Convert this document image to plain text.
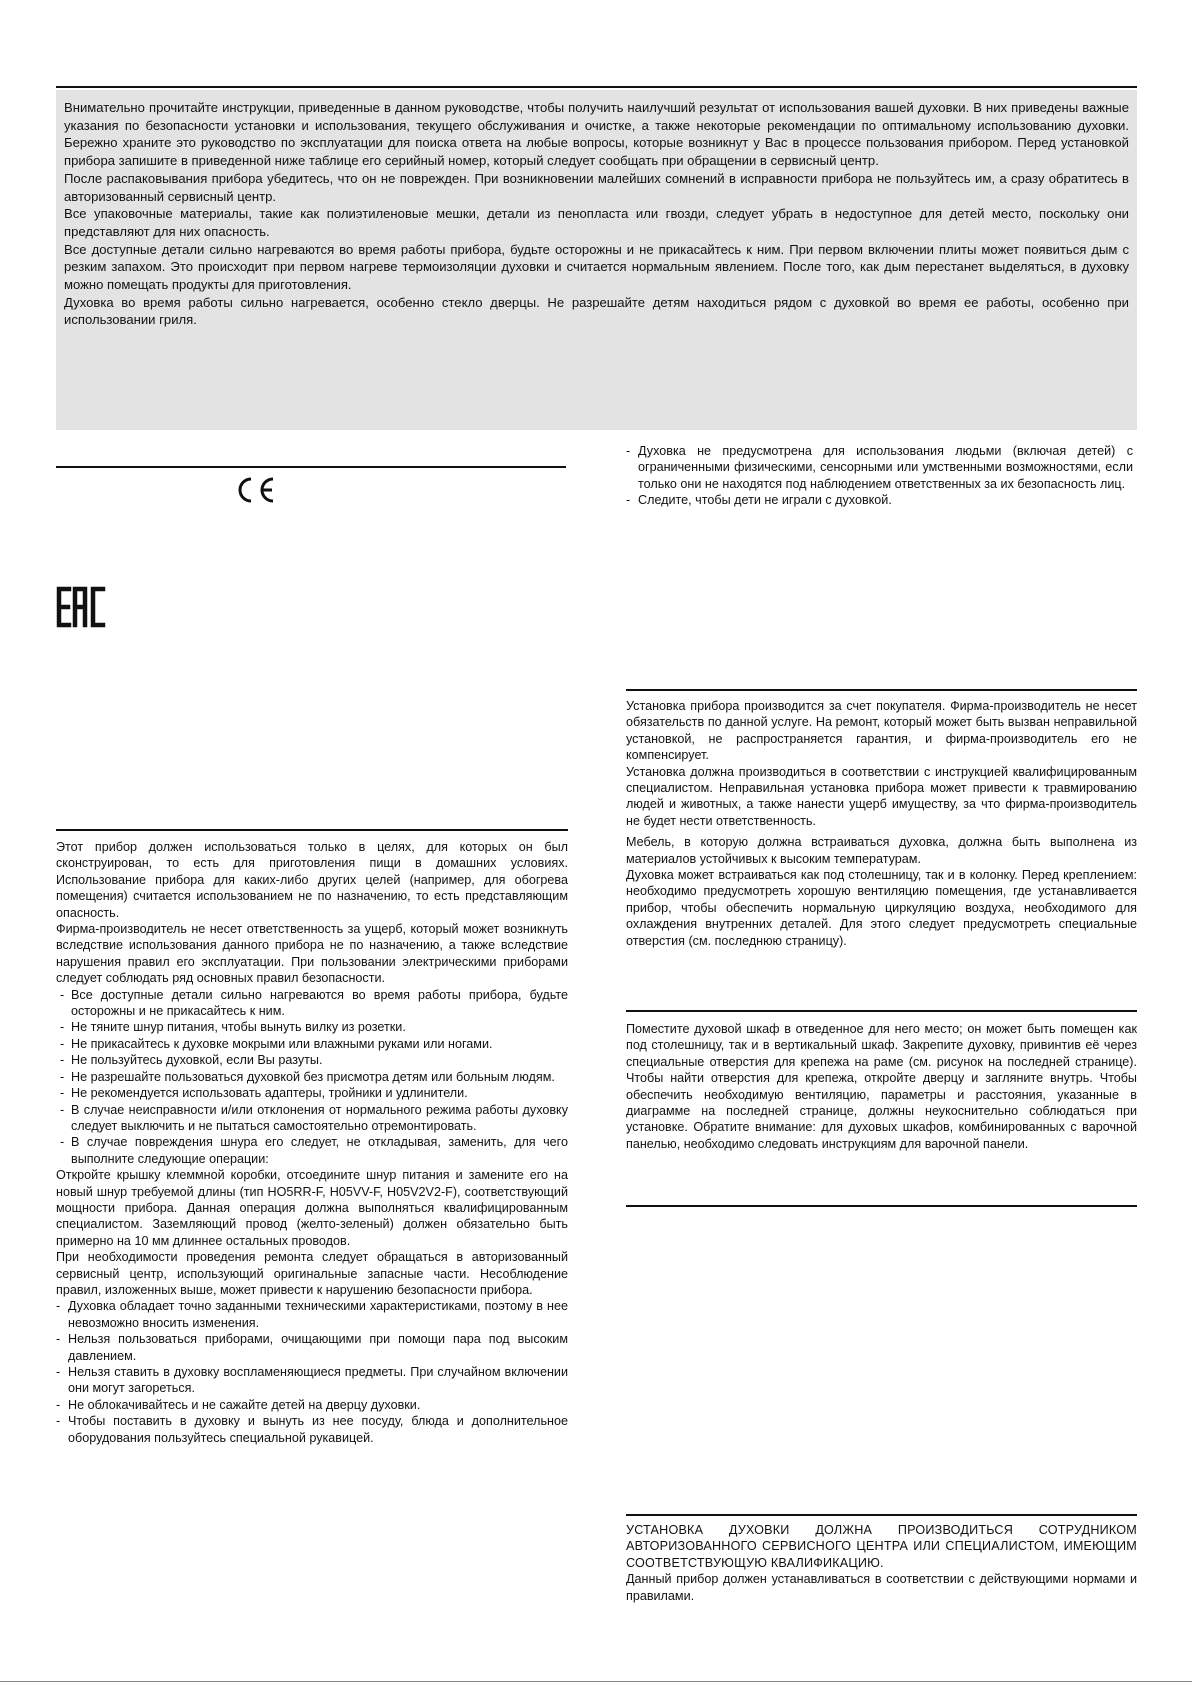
Внимательно прочитайте инструкции, приведенные в данном руководстве, чтобы получить наилучший результат от использования вашей духовки. В них приведены важные указания по безопасности установки и использования, текущего обслуживания и очистке, а также некоторые рекомендации по оптимальному использованию духовки. Бережно храните это руководство по эксплуатации для поиска ответа на любые вопросы, которые возникнут у Вас в процессе пользования прибором. Перед установкой прибора запишите в приведенной ниже таблице его серийный номер, который следует сообщать при обращении в сервисный центр.

После распаковывания прибора убедитесь, что он не поврежден. При возникновении малейших сомнений в исправности прибора не пользуйтесь им, а сразу обратитесь в авторизованный сервисный центр.

Все упаковочные материалы, такие как полиэтиленовые мешки, детали из пенопласта или гвозди, следует убрать в недоступное для детей место, поскольку они представляют для них опасность.

Все доступные детали сильно нагреваются во время работы прибора, будьте осторожны и не прикасайтесь к ним. При первом включении плиты может появиться дым с резким запахом. Это происходит при первом нагреве термоизоляции духовки и считается нормальным явлением. После того, как дым перестанет выделяться, в духовку можно помещать продукты для приготовления.

Духовка во время работы сильно нагревается, особенно стекло дверцы. Не разрешайте детям находиться рядом с духовкой во время ее работы, особенно при использовании гриля.

- Духовка не предусмотрена для использования людьми (включая детей) с ограниченными физическими, сенсорными или умственными возможностями, если только они не находятся под наблюдением ответственных за их безопасность лиц.
- Следите, чтобы дети не играли с духовкой.

Этот прибор должен использоваться только в целях, для которых он был сконструирован, то есть для приготовления пищи в домашних условиях. Использование прибора для каких-либо других целей (например, для обогрева помещения) считается использованием не по назначению, то есть представляющим опасность.

Фирма-производитель не несет ответственность за ущерб, который может возникнуть вследствие использования данного прибора не по назначению, а также вследствие нарушения правил его эксплуатации. При пользовании электрическими приборами следует соблюдать ряд основных правил безопасности.

- Все доступные детали сильно нагреваются во время работы прибора, будьте осторожны и не прикасайтесь к ним.
- Не тяните шнур питания, чтобы вынуть вилку из розетки.
- Не прикасайтесь к духовке мокрыми или влажными руками или ногами.
- Не пользуйтесь духовкой, если Вы разуты.
- Не разрешайте пользоваться духовкой без присмотра детям или больным людям.
- Не рекомендуется использовать адаптеры, тройники и удлинители.
- В случае неисправности и/или отклонения от нормального режима работы духовку следует выключить и не пытаться самостоятельно отремонтировать.
- В случае повреждения шнура его следует, не откладывая, заменить, для чего выполните следующие операции:

Откройте крышку клеммной коробки, отсоедините шнур питания и замените его на новый шнур требуемой длины (тип HO5RR-F, H05VV-F, H05V2V2-F), соответствующий мощности прибора. Данная операция должна выполняться квалифицированным специалистом. Заземляющий провод (желто-зеленый) должен обязательно быть примерно на 10 мм длиннее остальных проводов.

При необходимости проведения ремонта следует обращаться в авторизованный сервисный центр, использующий оригинальные запасные части. Несоблюдение правил, изложенных выше, может привести к нарушению безопасности прибора.

- Духовка обладает точно заданными техническими характеристиками, поэтому в нее невозможно вносить изменения.
- Нельзя пользоваться приборами, очищающими при помощи пара под высоким давлением.
- Нельзя ставить в духовку воспламеняющиеся предметы. При случайном включении они могут загореться.
- Не облокачивайтесь и не сажайте детей на дверцу духовки.
- Чтобы поставить в духовку и вынуть из нее посуду, блюда и дополнительное оборудования пользуйтесь специальной рукавицей.

Установка прибора производится за счет покупателя. Фирма-производитель не несет обязательств по данной услуге. На ремонт, который может быть вызван неправильной установкой, не распространяется гарантия, и фирма-производитель его не компенсирует.

Установка должна производиться в соответствии с инструкцией квалифицированным специалистом. Неправильная установка прибора может привести к травмированию людей и животных, а также нанести ущерб имуществу, за что фирма-производитель не будет нести ответственность.

Мебель, в которую должна встраиваться духовка, должна быть выполнена из материалов устойчивых к высоким температурам.

Духовка может встраиваться как под столешницу, так и в колонку. Перед креплением: необходимо предусмотреть хорошую вентиляцию помещения, где устанавливается прибор, чтобы обеспечить нормальную циркуляцию воздуха, необходимого для охлаждения внутренних деталей. Для этого следует предусмотреть специальные отверстия (см. последнюю страницу).

Поместите духовой шкаф в отведенное для него место; он может быть помещен как под столешницу, так и в вертикальный шкаф. Закрепите духовку, привинтив её через специальные отверстия для крепежа на раме (см. рисунок на последней странице). Чтобы найти отверстия для крепежа, откройте дверцу и загляните внутрь. Чтобы обеспечить необходимую вентиляцию, параметры и расстояния, указанные в диаграмме на последней странице, должны неукоснительно соблюдаться при установке. Обратите внимание: для духовых шкафов, комбинированных с варочной панелью, необходимо следовать инструкциям для варочной панели.

УСТАНОВКА ДУХОВКИ ДОЛЖНА ПРОИЗВОДИТЬСЯ СОТРУДНИКОМ АВТОРИЗОВАННОГО СЕРВИСНОГО ЦЕНТРА ИЛИ СПЕЦИАЛИСТОМ, ИМЕЮЩИМ СООТВЕТСТВУЮЩУЮ КВАЛИФИКАЦИЮ.

Данный прибор должен устанавливаться в соответствии с действующими нормами и правилами.
